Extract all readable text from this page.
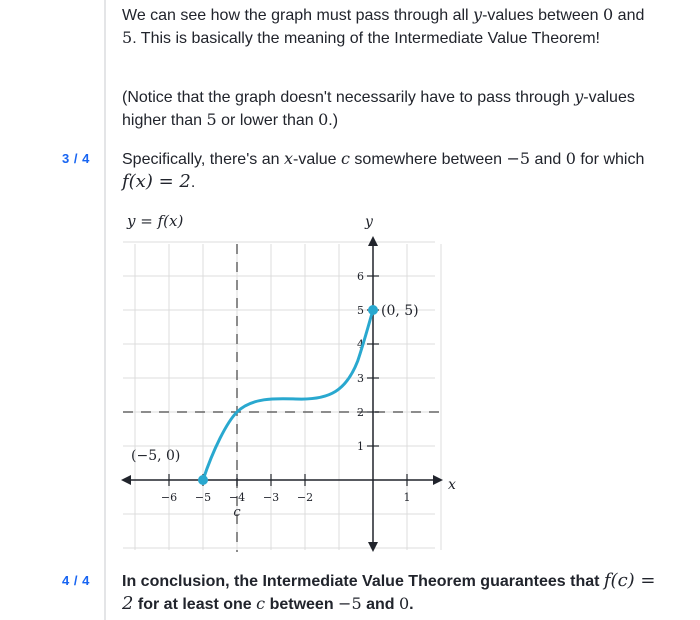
We can see how the graph must pass through all y-values between 0 and 5. This is basically the meaning of the Intermediate Value Theorem!
(Notice that the graph doesn't necessarily have to pass through y-values higher than 5 or lower than 0.)
3 / 4 Specifically, there's an x-value c somewhere between −5 and 0 for which f(x) = 2.
−6 −5 −4 −3 −2	1
1
2
3
4
5
6
y = f(x)	y
x
c
(−5, 0)
(0, 5)
4 / 4 In conclusion, the Intermediate Value Theorem guarantees that f(c) = 2 for at least one c between −5 and 0.
